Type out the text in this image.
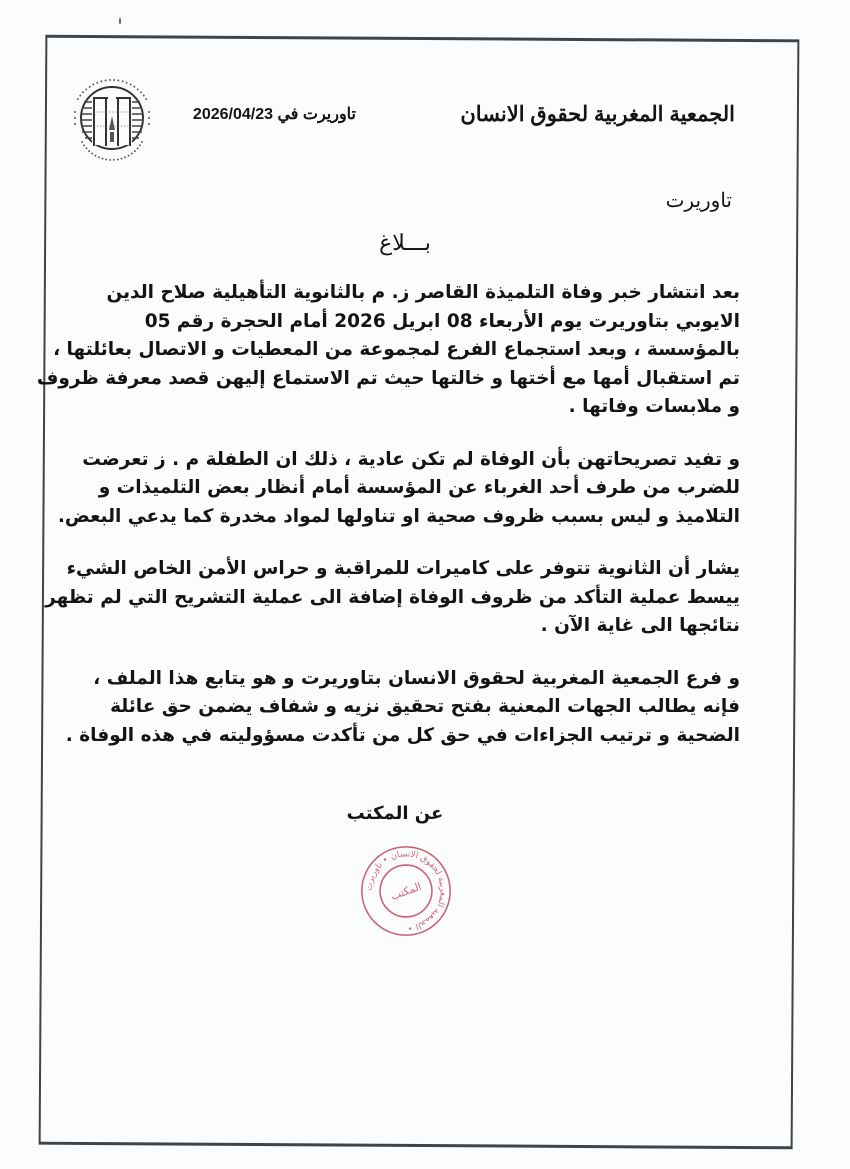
∙∙∙∙∙∙∙∙∙∙∙∙∙∙∙∙∙∙∙∙
∙∙∙∙∙∙∙∙∙∙∙∙∙∙∙∙∙∙∙∙
تاوريرت في 2026/04/23	الجمعية المغربية لحقوق الانسان
تاوريرت
بـــلاغ

بعد انتشار خبر وفاة التلميذة القاصر ز. م بالثانوية التأهيلية صلاح الدين
الايوبي بتاوريرت يوم الأربعاء 08 ابريل 2026 أمام الحجرة رقم 05
بالمؤسسة ، وبعد استجماع الفرع لمجموعة من المعطيات و الاتصال بعائلتها ،
تم استقبال أمها مع أختها و خالتها حيث تم الاستماع إليهن قصد معرفة ظروف
و ملابسات وفاتها .

و تفيد تصريحاتهن بأن الوفاة لم تكن عادية ، ذلك ان الطفلة م . ز تعرضت
للضرب من طرف أحد الغرباء عن المؤسسة أمام أنظار بعض التلميذات و
التلاميذ و ليس بسبب ظروف صحية او تناولها لمواد مخدرة كما يدعي البعض.

يشار أن الثانوية تتوفر على كاميرات للمراقبة و حراس الأمن الخاص الشيء
ييسط عملية التأكد من ظروف الوفاة إضافة الى عملية التشريح التي لم تظهر
نتائجها الى غاية الآن .

و فرع الجمعية المغربية لحقوق الانسان بتاوريرت و هو يتابع هذا الملف ،
فإنه يطالب الجهات المعنية بفتح تحقيق نزيه و شفاف يضمن حق عائلة
الضحية و ترتيب الجزاءات في حق كل من تأكدت مسؤوليته في هذه الوفاة .

عن المكتب
الجمعية المغربية لحقوق الانسان • تاوريرت •
المكتب
